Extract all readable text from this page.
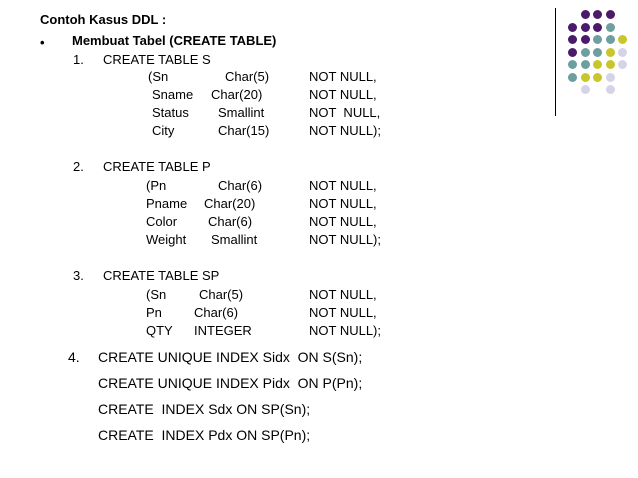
Contoh Kasus DDL :
• Membuat Tabel (CREATE TABLE)
1. CREATE TABLE S
(Sn	Char(5)	NOT NULL,
Sname Char(20)	NOT NULL,
Status Smallint	NOT  NULL,
City	Char(15)	NOT NULL);
2. CREATE TABLE P
(Pn	Char(6)	NOT NULL,
Pname Char(20)	NOT NULL,
Color Char(6)	NOT NULL,
Weight Smallint	NOT NULL);
3. CREATE TABLE SP
(Sn	Char(5)	NOT NULL,
Pn Char(6)	NOT NULL,
QTY INTEGER	NOT NULL);
4. CREATE UNIQUE INDEX Sidx  ON S(Sn);
CREATE UNIQUE INDEX Pidx  ON P(Pn);
CREATE  INDEX Sdx ON SP(Sn);
CREATE  INDEX Pdx ON SP(Pn);
